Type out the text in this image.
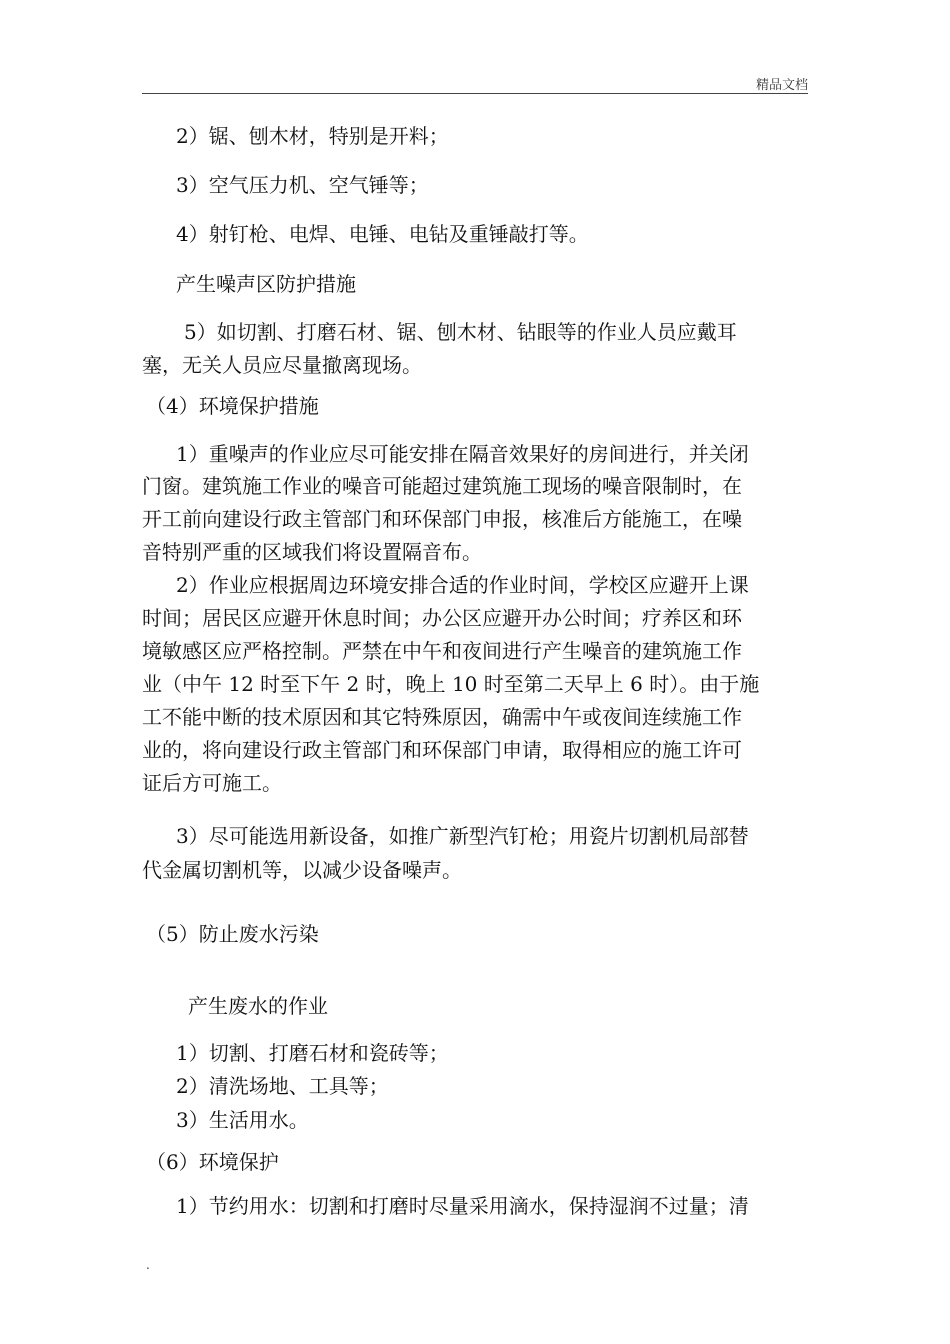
精品文档
2）锯、刨木材，特别是开料；
3）空气压力机、空气锤等；
4）射钉枪、电焊、电锤、电钻及重锤敲打等。
产生噪声区防护措施
5）如切割、打磨石材、锯、刨木材、钻眼等的作业人员应戴耳
塞，无关人员应尽量撤离现场。
（4）环境保护措施
1）重噪声的作业应尽可能安排在隔音效果好的房间进行，并关闭
门窗。建筑施工作业的噪音可能超过建筑施工现场的噪音限制时，在
开工前向建设行政主管部门和环保部门申报，核准后方能施工，在噪
音特别严重的区域我们将设置隔音布。
2）作业应根据周边环境安排合适的作业时间，学校区应避开上课
时间；居民区应避开休息时间；办公区应避开办公时间；疗养区和环
境敏感区应严格控制。严禁在中午和夜间进行产生噪音的建筑施工作
业（中午 12 时至下午 2 时，晚上 10 时至第二天早上 6 时）。由于施
工不能中断的技术原因和其它特殊原因，确需中午或夜间连续施工作
业的，将向建设行政主管部门和环保部门申请，取得相应的施工许可
证后方可施工。
3）尽可能选用新设备，如推广新型汽钉枪；用瓷片切割机局部替
代金属切割机等，以减少设备噪声。
（5）防止废水污染
产生废水的作业
1）切割、打磨石材和瓷砖等；
2）清洗场地、工具等；
3）生活用水。
（6）环境保护
1）节约用水：切割和打磨时尽量采用滴水，保持湿润不过量；清
.
